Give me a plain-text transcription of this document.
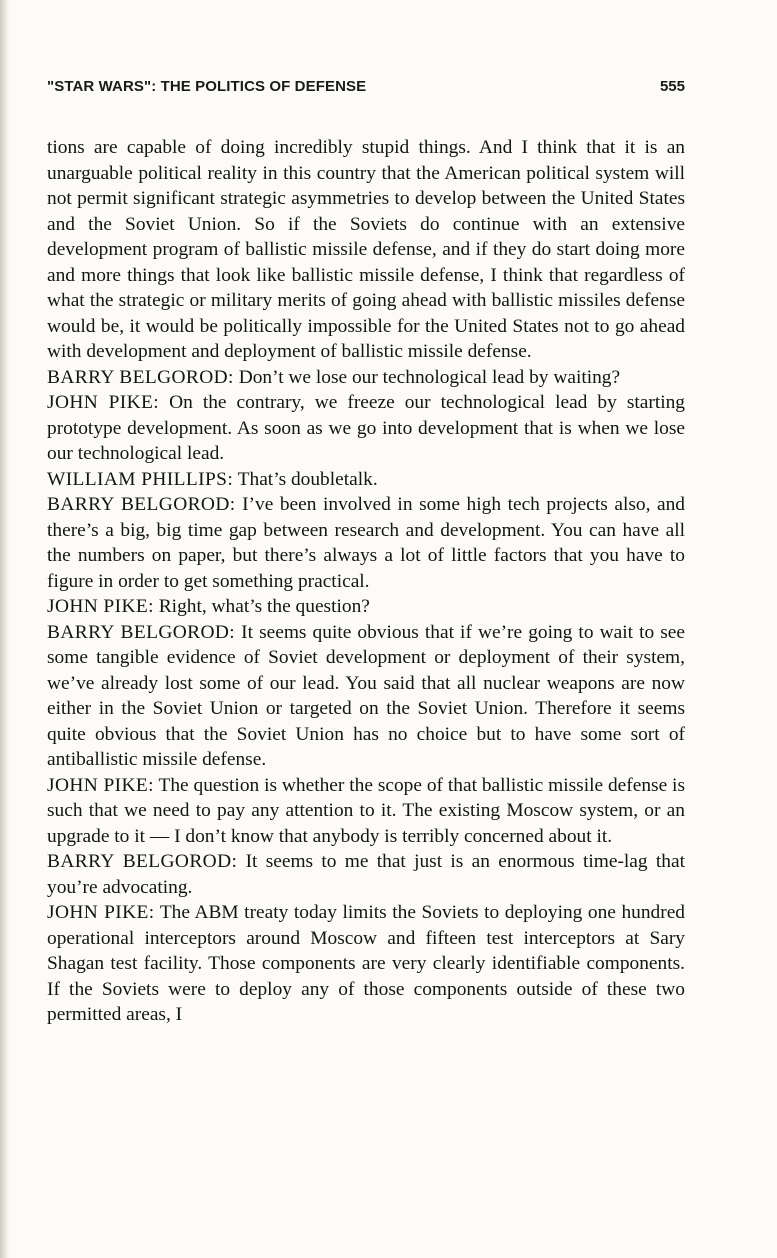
"STAR WARS": THE POLITICS OF DEFENSE	555

tions are capable of doing incredibly stupid things. And I think that it is an unarguable political reality in this country that the American political system will not permit significant strategic asymmetries to develop between the United States and the Soviet Union. So if the Soviets do continue with an extensive development program of ballistic missile defense, and if they do start doing more and more things that look like ballistic missile defense, I think that regardless of what the strategic or military merits of going ahead with ballistic missiles defense would be, it would be politically impossible for the United States not to go ahead with development and deployment of ballistic missile defense.

BARRY BELGOROD: Don’t we lose our technological lead by waiting?

JOHN PIKE: On the contrary, we freeze our technological lead by starting prototype development. As soon as we go into development that is when we lose our technological lead.

WILLIAM PHILLIPS: That’s doubletalk.

BARRY BELGOROD: I’ve been involved in some high tech projects also, and there’s a big, big time gap between research and development. You can have all the numbers on paper, but there’s always a lot of little factors that you have to figure in order to get something practical.

JOHN PIKE: Right, what’s the question?

BARRY BELGOROD: It seems quite obvious that if we’re going to wait to see some tangible evidence of Soviet development or deployment of their system, we’ve already lost some of our lead. You said that all nuclear weapons are now either in the Soviet Union or targeted on the Soviet Union. Therefore it seems quite obvious that the Soviet Union has no choice but to have some sort of antiballistic missile defense.

JOHN PIKE: The question is whether the scope of that ballistic missile defense is such that we need to pay any attention to it. The existing Moscow system, or an upgrade to it — I don’t know that anybody is terribly concerned about it.

BARRY BELGOROD: It seems to me that just is an enormous time-lag that you’re advocating.

JOHN PIKE: The ABM treaty today limits the Soviets to deploying one hundred operational interceptors around Moscow and fifteen test interceptors at Sary Shagan test facility. Those components are very clearly identifiable components. If the Soviets were to deploy any of those components outside of these two permitted areas, I
